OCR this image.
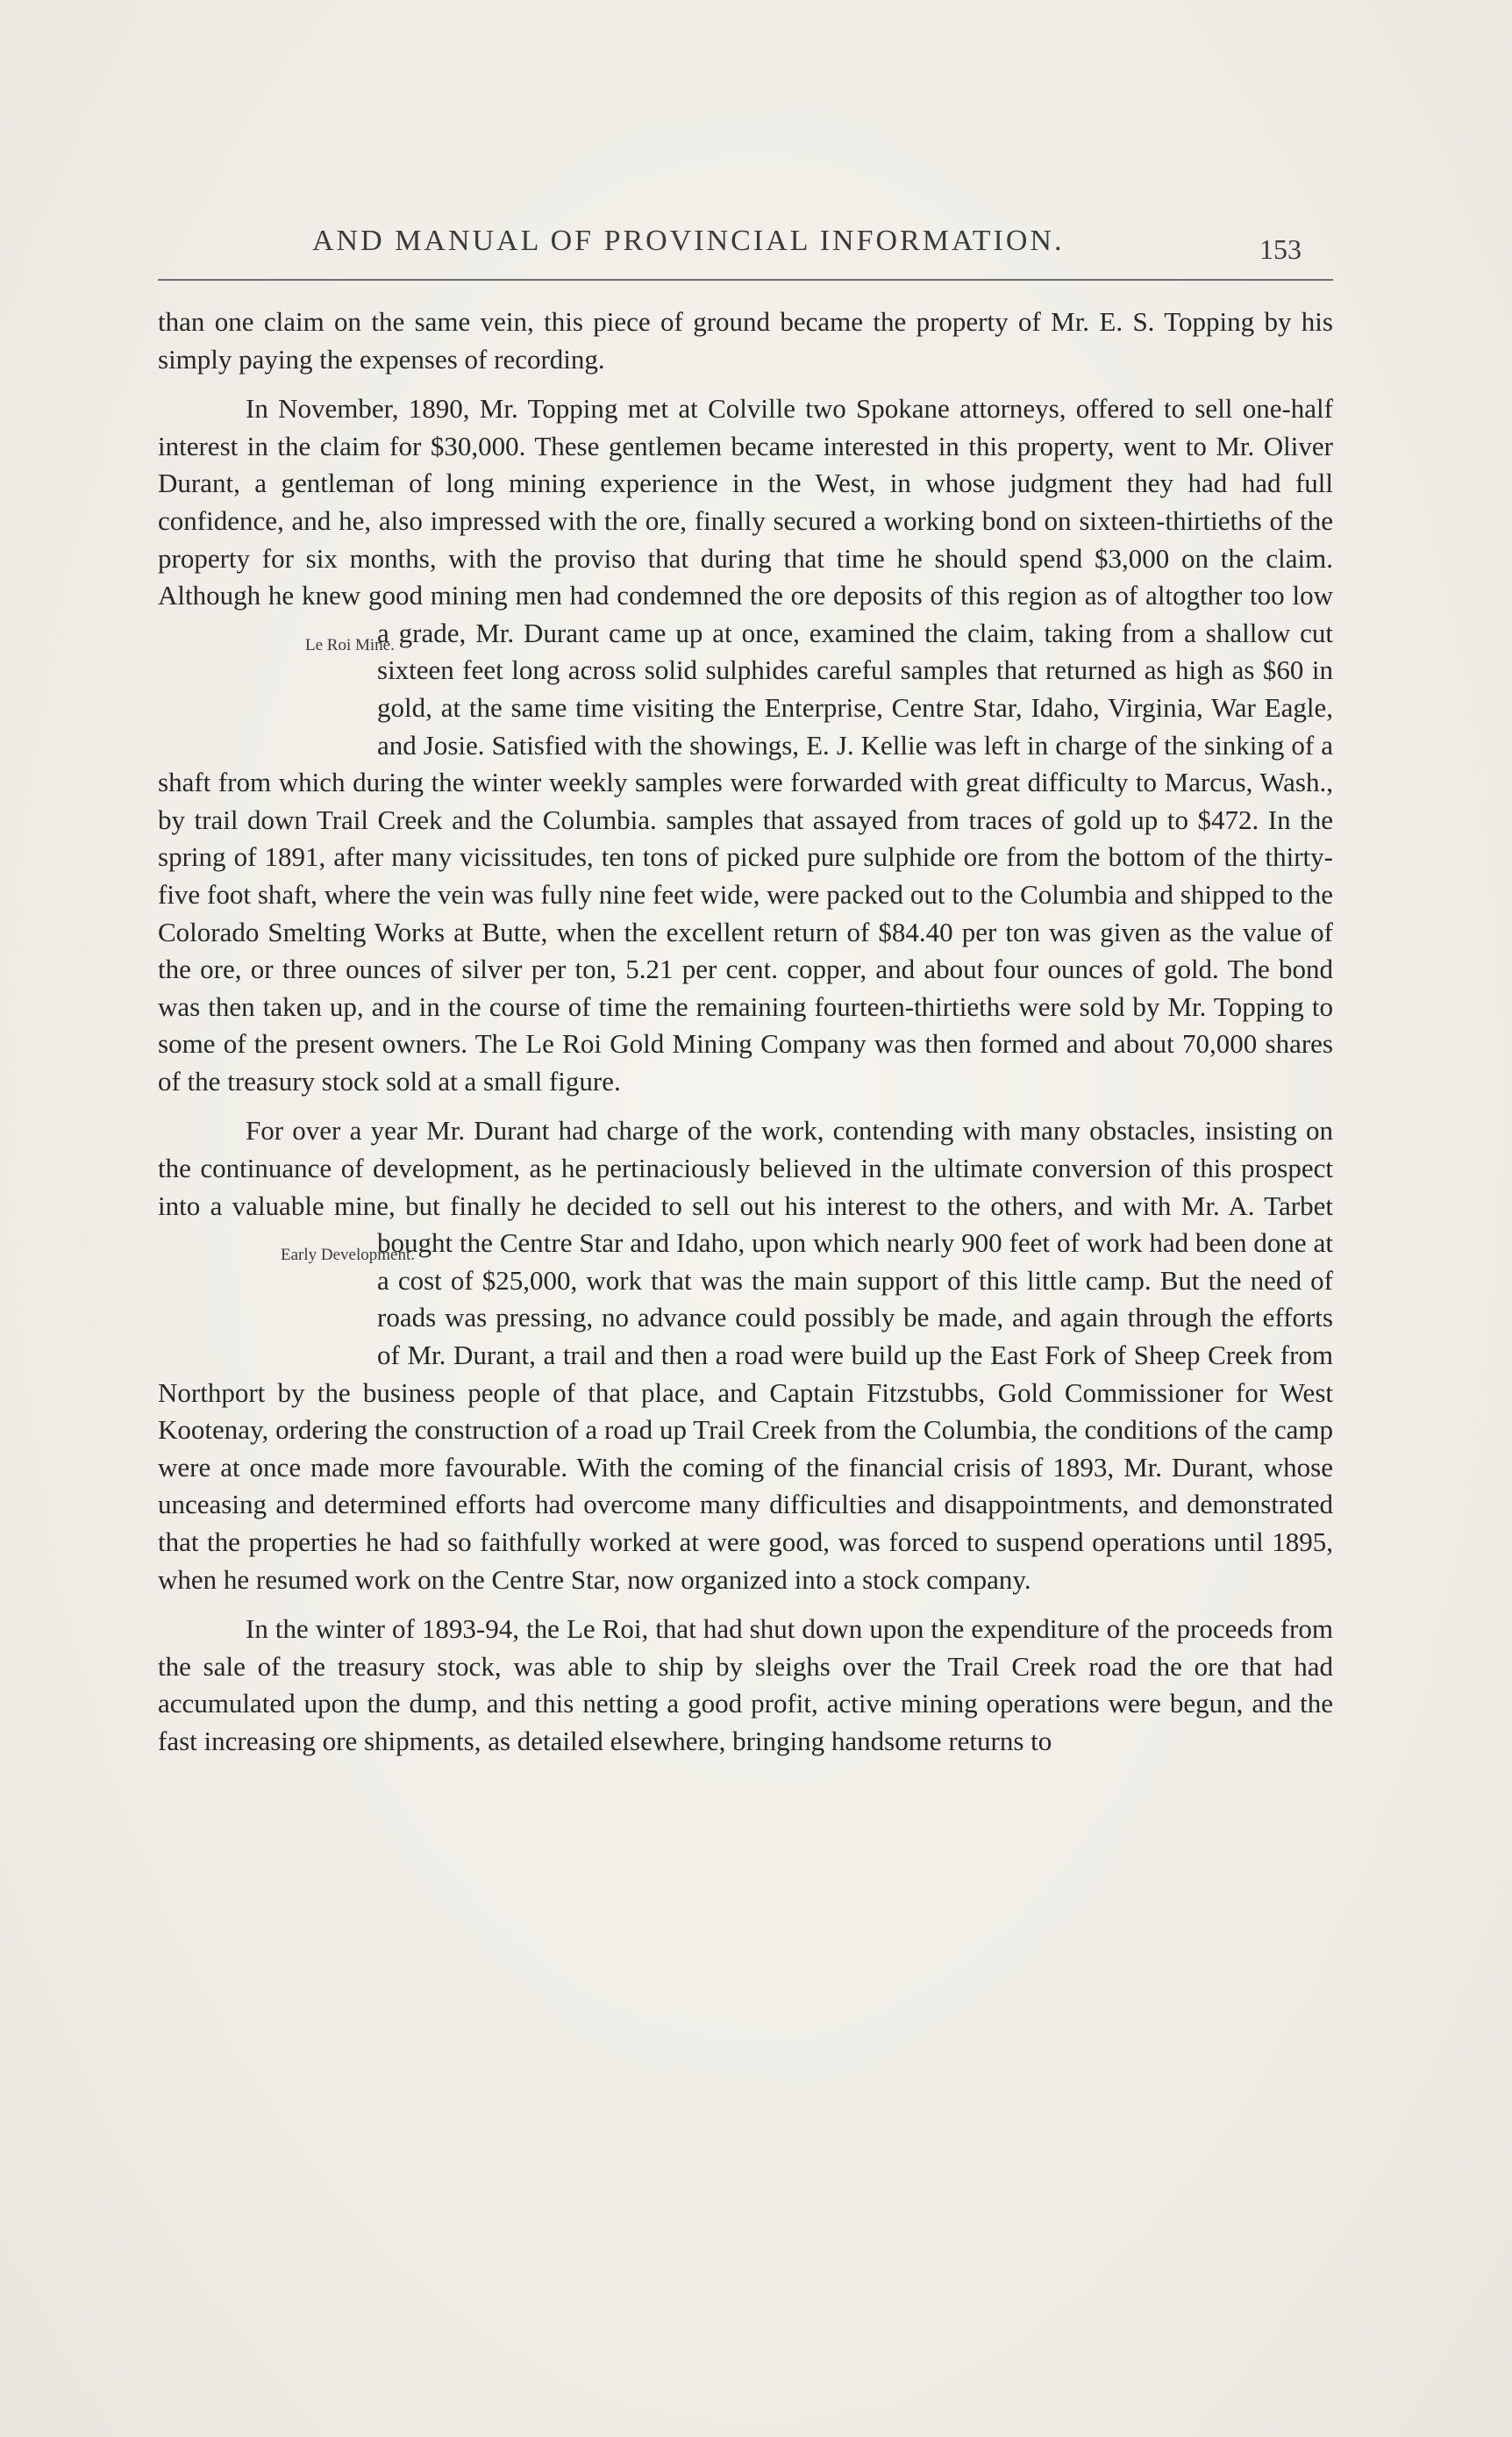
AND MANUAL OF PROVINCIAL INFORMATION.	153

than one claim on the same vein, this piece of ground became the property of Mr. E. S. Topping by his simply paying the expenses of recording.

In November, 1890, Mr. Topping met at Colville two Spokane attorneys, offered to sell one-half interest in the claim for $30,000. These gentlemen became interested in this property, went to Mr. Oliver Durant, a gentleman of long mining experience in the West, in whose judgment they had had full confidence, and he, also impressed with the ore, finally secured a working bond on sixteen-thirtieths of the property for six months, with the proviso that during that time he should spend $3,000 on the claim. Although he knew good mining men had condemned the ore deposits of this region as of altogther too low a grade, Mr. Durant came
Le Roi Mine.	up at once, examined the claim, taking from a shallow cut sixteen feet long across solid sulphides careful samples that returned as high as $60 in gold, at the same time visiting the Enterprise, Centre Star, Idaho, Virginia, War Eagle, and Josie. Satisfied with the showings, E. J. Kellie was left in charge of the sinking of a shaft from which during the winter weekly samples were forwarded with great difficulty to Marcus, Wash., by trail down Trail Creek and the Columbia. samples that assayed from traces of gold up to $472. In the spring of 1891, after many vicissitudes, ten tons of picked pure sulphide ore from the bottom of the thirty-five foot shaft, where the vein was fully nine feet wide, were packed out to the Columbia and shipped to the Colorado Smelting Works at Butte, when the excellent return of $84.40 per ton was given as the value of the ore, or three ounces of silver per ton, 5.21 per cent. copper, and about four ounces of gold. The bond was then taken up, and in the course of time the remaining fourteen-thirtieths were sold by Mr. Topping to some of the present owners. The Le Roi Gold Mining Company was then formed and about 70,000 shares of the treasury stock sold at a small figure.

For over a year Mr. Durant had charge of the work, contending with many obstacles, insisting on the continuance of development, as he pertinaciously believed in the ultimate conversion of this prospect into a valuable mine, but finally he decided to sell out his interest to the others, and with Mr. A. Tarbet bought
Early Development. the Centre Star and Idaho, upon which nearly 900 feet of work had been done at a cost of $25,000, work that was the main support of this little camp. But the need of roads was pressing, no advance could possibly be made, and again through the efforts of Mr. Durant, a trail and then a road were build up the East Fork of Sheep Creek from Northport by the business people of that place, and Captain Fitzstubbs, Gold Commissioner for West Kootenay, ordering the construction of a road up Trail Creek from the Columbia, the conditions of the camp were at once made more favourable. With the coming of the financial crisis of 1893, Mr. Durant, whose unceasing and determined efforts had overcome many difficulties and disappointments, and demonstrated that the properties he had so faithfully worked at were good, was forced to suspend operations until 1895, when he resumed work on the Centre Star, now organized into a stock company.

In the winter of 1893-94, the Le Roi, that had shut down upon the expenditure of the proceeds from the sale of the treasury stock, was able to ship by sleighs over the Trail Creek road the ore that had accumulated upon the dump, and this netting a good profit, active mining operations were begun, and the fast increasing ore shipments, as detailed elsewhere, bringing handsome returns to
